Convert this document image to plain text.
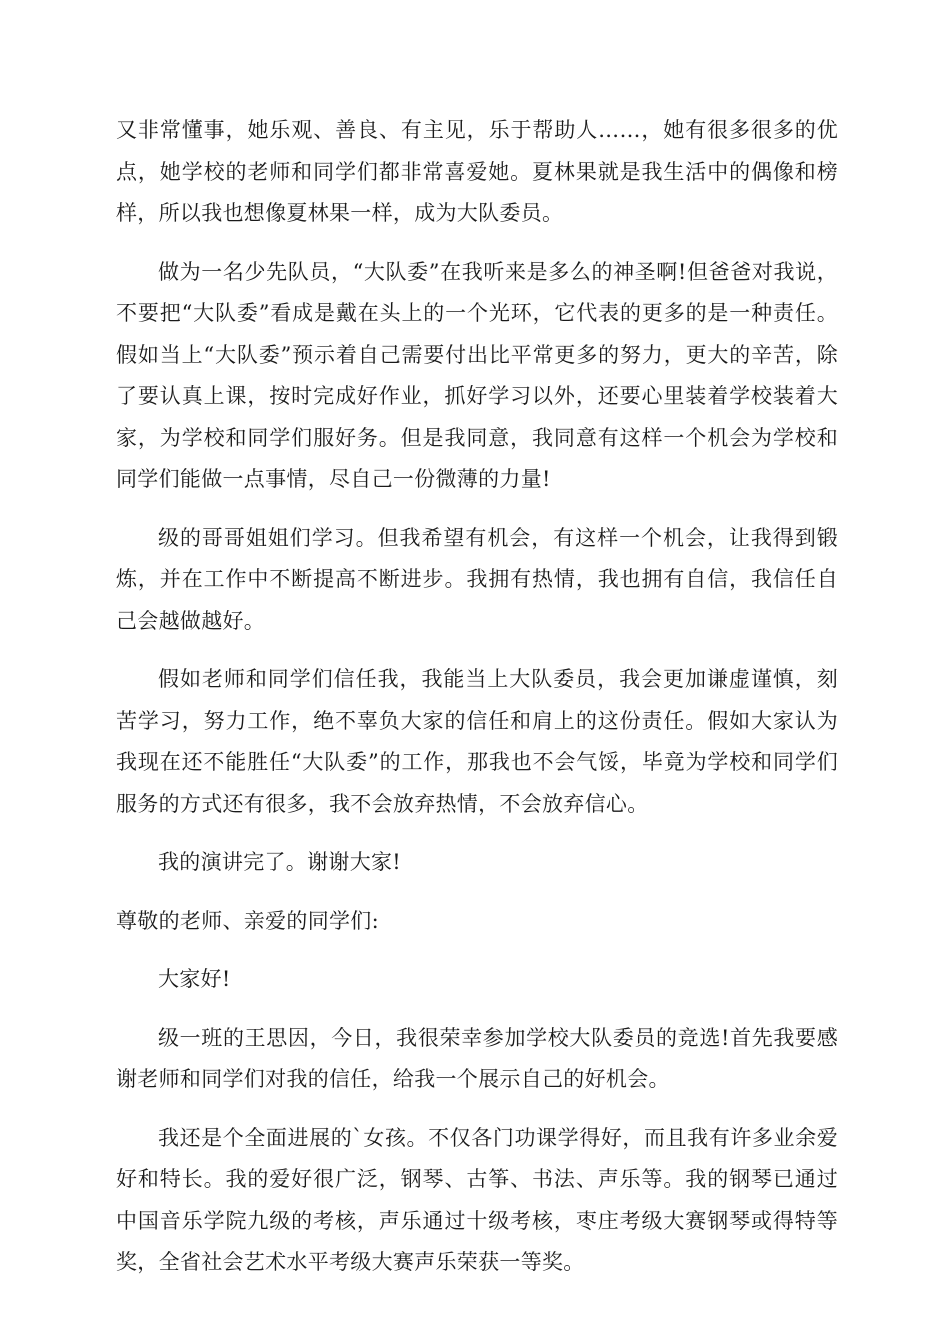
又非常懂事，她乐观、善良、有主见，乐于帮助人……，她有很多很多的优点，她学校的老师和同学们都非常喜爱她。夏林果就是我生活中的偶像和榜样，所以我也想像夏林果一样，成为大队委员。

做为一名少先队员，“大队委”在我听来是多么的神圣啊!但爸爸对我说，不要把“大队委”看成是戴在头上的一个光环，它代表的更多的是一种责任。假如当上“大队委”预示着自己需要付出比平常更多的努力，更大的辛苦，除了要认真上课，按时完成好作业，抓好学习以外，还要心里装着学校装着大家，为学校和同学们服好务。但是我同意，我同意有这样一个机会为学校和同学们能做一点事情，尽自己一份微薄的力量!

级的哥哥姐姐们学习。但我希望有机会，有这样一个机会，让我得到锻炼，并在工作中不断提高不断进步。我拥有热情，我也拥有自信，我信任自己会越做越好。

假如老师和同学们信任我，我能当上大队委员，我会更加谦虚谨慎，刻苦学习，努力工作，绝不辜负大家的信任和肩上的这份责任。假如大家认为我现在还不能胜任“大队委”的工作，那我也不会气馁，毕竟为学校和同学们服务的方式还有很多，我不会放弃热情，不会放弃信心。

我的演讲完了。谢谢大家!

尊敬的老师、亲爱的同学们:

大家好!

级一班的王思因，今日，我很荣幸参加学校大队委员的竞选!首先我要感谢老师和同学们对我的信任，给我一个展示自己的好机会。

我还是个全面进展的`女孩。不仅各门功课学得好，而且我有许多业余爱好和特长。我的爱好很广泛，钢琴、古筝、书法、声乐等。我的钢琴已通过中国音乐学院九级的考核，声乐通过十级考核，枣庄考级大赛钢琴或得特等奖，全省社会艺术水平考级大赛声乐荣获一等奖。
